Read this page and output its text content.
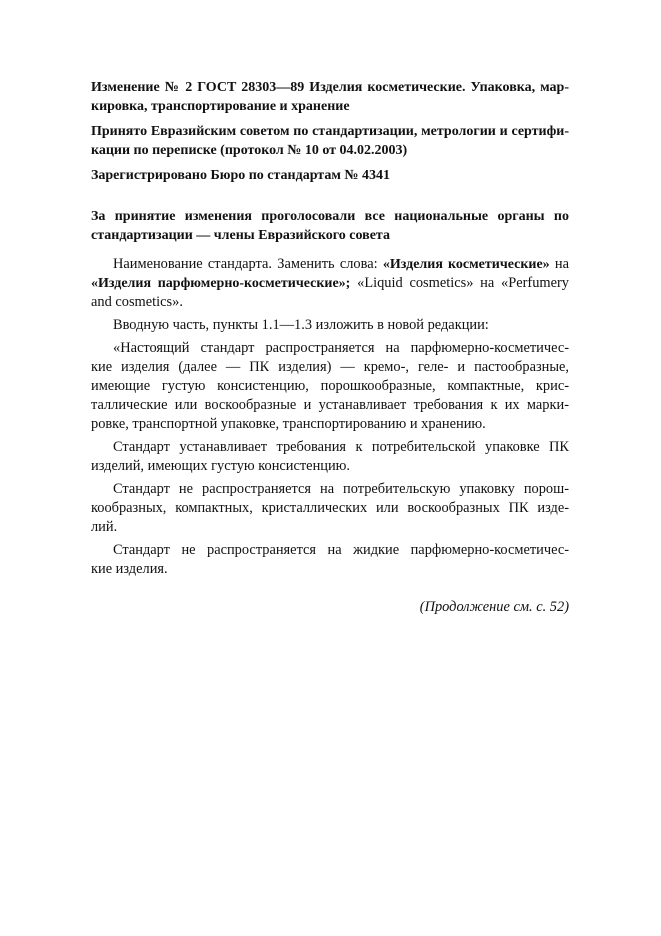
Изменение № 2 ГОСТ 28303—89 Изделия косметические. Упаковка, мар-
кировка, транспортирование и хранение
Принято Евразийским советом по стандартизации, метрологии и сертифи-
кации по переписке (протокол № 10 от 04.02.2003)
Зарегистрировано Бюро по стандартам № 4341
За принятие изменения проголосовали все национальные органы по
стандартизации — члены Евразийского совета
Наименование стандарта. Заменить слова: «Изделия косметические» на
«Изделия парфюмерно-косметические»; «Liquid cosmetics» на «Perfumery
and cosmetics».
Вводную часть, пункты 1.1—1.3 изложить в новой редакции:
«Настоящий стандарт распространяется на парфюмерно-косметичес-
кие изделия (далее — ПК изделия) — кремо-, геле- и пастообразные,
имеющие густую консистенцию, порошкообразные, компактные, крис-
таллические или воскообразные и устанавливает требования к их марки-
ровке, транспортной упаковке, транспортированию и хранению.
Стандарт устанавливает требования к потребительской упаковке ПК
изделий, имеющих густую консистенцию.
Стандарт не распространяется на потребительскую упаковку порош-
кообразных, компактных, кристаллических или воскообразных ПК изде-
лий.
Стандарт не распространяется на жидкие парфюмерно-косметичес-
кие изделия.
(Продолжение см. с. 52)
